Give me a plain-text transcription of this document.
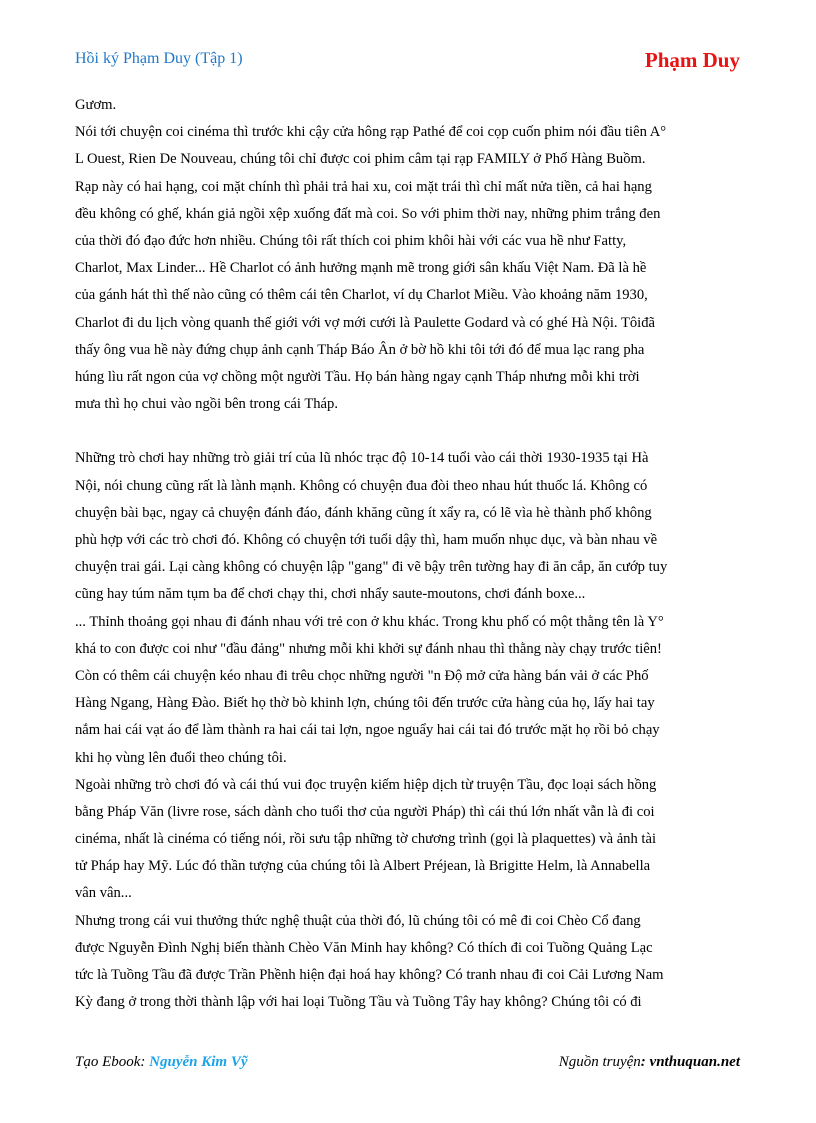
Hồi ký Phạm Duy (Tập 1)	Phạm Duy
Gươm.
Nói tới chuyện coi cinéma thì trước khi cậy cửa hông rạp Pathé để coi cọp cuốn phim nói đầu tiên A°
L Ouest, Rien De Nouveau, chúng tôi chỉ được coi phim câm tại rạp FAMILY ở Phố Hàng Buồm.
Rạp này có hai hạng, coi mặt chính thì phải trả hai xu, coi mặt trái thì chỉ mất nửa tiền, cả hai hạng
đều không có ghế, khán giả ngồi xệp xuống đất mà coi. So với phim thời nay, những phim trắng đen
của thời đó đạo đức hơn nhiều. Chúng tôi rất thích coi phim khôi hài với các vua hề như Fatty,
Charlot, Max Linder... Hề Charlot có ảnh hưởng mạnh mẽ trong giới sân khấu Việt Nam. Đã là hề
của gánh hát thì thế nào cũng có thêm cái tên Charlot, ví dụ Charlot Miều. Vào khoảng năm 1930,
Charlot đi du lịch vòng quanh thế giới với vợ mới cưới là Paulette Godard và có ghé Hà Nội. Tôiđã
thấy ông vua hề này đứng chụp ảnh cạnh Tháp Báo Ân ở bờ hồ khi tôi tới đó để mua lạc rang pha
húng lìu rất ngon của vợ chồng một người Tầu. Họ bán hàng ngay cạnh Tháp nhưng mỗi khi trời
mưa thì họ chui vào ngồi bên trong cái Tháp.
Những trò chơi hay những trò giải trí của lũ nhóc trạc độ 10-14 tuổi vào cái thời 1930-1935 tại Hà
Nội, nói chung cũng rất là lành mạnh. Không có chuyện đua đòi theo nhau hút thuốc lá. Không có
chuyện bài bạc, ngay cả chuyện đánh đáo, đánh khăng cũng ít xẩy ra, có lẽ vìa hè thành phố không
phù hợp với các trò chơi đó. Không có chuyện tới tuổi dậy thì, ham muốn nhục dục, và bàn nhau về
chuyện trai gái. Lại càng không có chuyện lập "gang" đi vẽ bậy trên tường hay đi ăn cắp, ăn cướp tuy
cũng hay túm năm tụm ba để chơi chạy thi, chơi nhẩy saute-moutons, chơi đánh boxe...
... Thỉnh thoảng gọi nhau đi đánh nhau với trẻ con ở khu khác. Trong khu phố có một thằng tên là Y°
khá to con được coi như "đầu đảng" nhưng mỗi khi khởi sự đánh nhau thì thằng này chạy trước tiên!
Còn có thêm cái chuyện kéo nhau đi trêu chọc những người "n Độ mở cửa hàng bán vải ở các Phố
Hàng Ngang, Hàng Đào. Biết họ thờ bò khinh lợn, chúng tôi đến trước cửa hàng của họ, lấy hai tay
nắm hai cái vạt áo để làm thành ra hai cái tai lợn, ngoe nguẩy hai cái tai đó trước mặt họ rồi bỏ chạy
khi họ vùng lên đuổi theo chúng tôi.
Ngoài những trò chơi đó và cái thú vui đọc truyện kiếm hiệp dịch từ truyện Tầu, đọc loại sách hồng
bằng Pháp Văn (livre rose, sách dành cho tuổi thơ của người Pháp) thì cái thú lớn nhất vẫn là đi coi
cinéma, nhất là cinéma có tiếng nói, rồi sưu tập những tờ chương trình (gọi là plaquettes) và ảnh tài
tử Pháp hay Mỹ. Lúc đó thần tượng của chúng tôi là Albert Préjean, là Brigitte Helm, là Annabella
vân vân...
Nhưng trong cái vui thưởng thức nghệ thuật của thời đó, lũ chúng tôi có mê đi coi Chèo Cổ đang
được Nguyễn Đình Nghị biến thành Chèo Văn Minh hay không? Có thích đi coi Tuồng Quảng Lạc
tức là Tuồng Tầu đã được Trần Phềnh hiện đại hoá hay không? Có tranh nhau đi coi Cải Lương Nam
Kỳ đang ở trong thời thành lập với hai loại Tuồng Tầu và Tuồng Tây hay không? Chúng tôi có đi
Tạo Ebook: Nguyễn Kim Vỹ	Nguồn truyện: vnthuquan.net
